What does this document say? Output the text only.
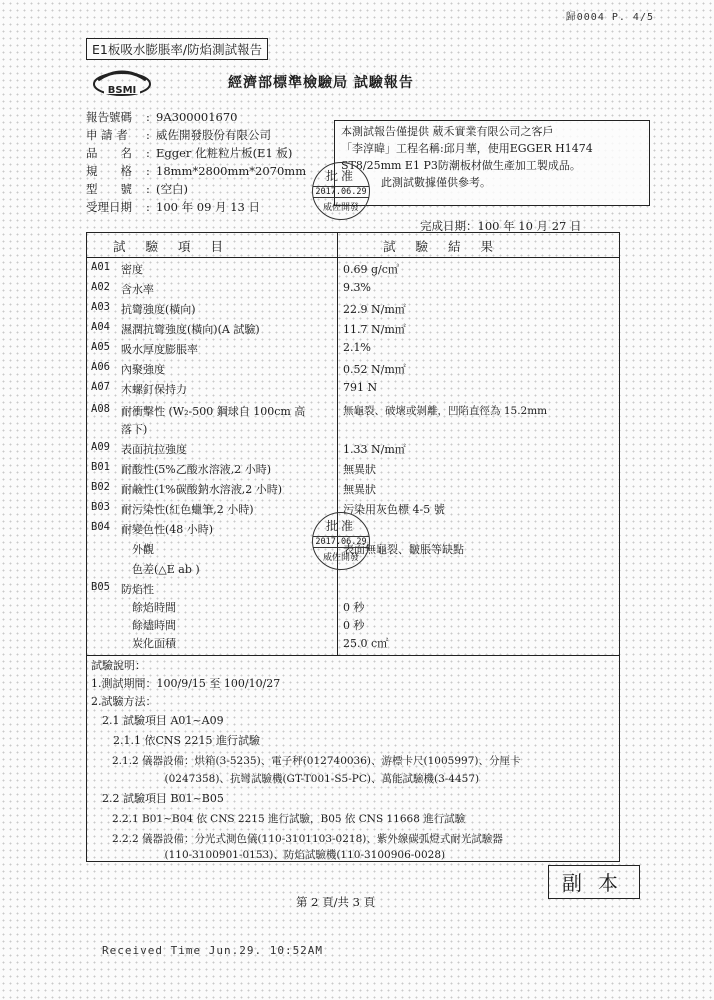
歸0004 P. 4/5
E1板吸水膨脹率/防焰測試報告
BSMI	經濟部標準檢驗局 試驗報告
報告號碼 : 9A300001670
申 請 者 : 威佐開發股份有限公司
品　　名 : Egger 化粧粒片板(E1 板)
規　　格 : 18mm*2800mm*2070mm
型　　號 : (空白)
受理日期 : 100 年 09 月 13 日
本測試報告僅提供 葳禾實業有限公司之客戶
「李淳暐」工程名稱:邱月華，使用EGGER H1474
ST8/25mm E1 P3防潮板材做生產加工製成品。
此測試數據僅供參考。
批准
2017.06.29
威佐開發
完成日期：100 年 10 月 27 日
試驗項目	試驗結果
A01	密度	0.69 g/c㎥
A02	含水率	9.3%
A03	抗彎強度(橫向)	22.9 N/m㎡
A04	濕潤抗彎強度(橫向)(A 試驗)	11.7 N/m㎡
A05	吸水厚度膨脹率	2.1%
A06	內聚強度	0.52 N/m㎡
A07	木螺釘保持力	791 N
A08	耐衝擊性 (W₂-500 鋼球自 100cm 高	無龜裂、破壞或剝離，凹陷直徑為 15.2mm
落下)
A09	表面抗拉強度	1.33 N/m㎡
B01	耐酸性(5%乙酸水溶液,2 小時)	無異狀
B02	耐鹼性(1%碳酸鈉水溶液,2 小時)	無異狀
B03	耐污染性(紅色蠟筆,2 小時)	污染用灰色標 4-5 號
B04	耐變色性(48 小時)
　外觀	表面無龜裂、皺脹等缺點
　色差(△E ab )
B05	防焰性
　餘焰時間	0 秒
　餘燼時間	0 秒
　炭化面積	25.0 c㎡
試驗說明：
1.測試期間：100/9/15 至 100/10/27
2.試驗方法：
　2.1 試驗項目 A01~A09
　　2.1.1 依CNS 2215 進行試驗
　　2.1.2 儀器設備：烘箱(3-5235)、電子秤(012740036)、游標卡尺(1005997)、分厘卡
　　　　　　　(0247358)、抗彎試驗機(GT-T001-S5-PC)、萬能試驗機(3-4457)
　2.2 試驗項目 B01~B05
　　2.2.1 B01~B04 依 CNS 2215 進行試驗，B05 依 CNS 11668 進行試驗
　　2.2.2 儀器設備：分光式測色儀(110-3101103-0218)、紫外線碳弧燈式耐光試驗器
　　　　　　　(110-3100901-0153)、防焰試驗機(110-3100906-0028)
批准
2017.06.29
威佐開發
副本
第 2 頁/共 3 頁
Received Time Jun.29. 10:52AM
